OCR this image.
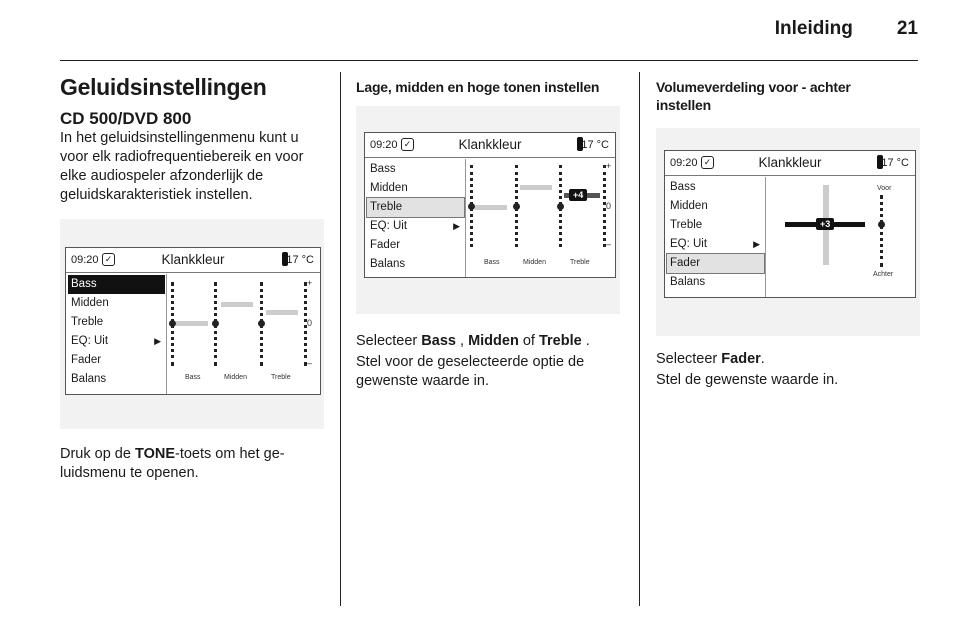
Inleiding 21
Geluidsinstellingen
CD 500/DVD 800

In het geluidsinstellingenmenu kunt u voor elk radiofrequentiebereik en voor elke audiospeler afzonderlijk de geluidskarakteristiek instellen.

09:20 ✓	Klankkleur	17 °C
Bass
Midden
Treble
EQ: Uit	▶
Fader
Balans
+
0
–
Bass	Midden	Treble

Druk op de TONE-toets om het ge-luidsmenu te openen.

Lage, midden en hoge tonen instellen
09:20 ✓	Klankkleur	17 °C
Bass
Midden
Treble
EQ: Uit	▶
Fader
Balans
+4
+
0
–
Bass	Midden	Treble

Selecteer Bass , Midden of Treble .

Stel voor de geselecteerde optie de gewenste waarde in.

Volumeverdeling voor - achter instellen
09:20 ✓	Klankkleur	17 °C
Bass
Midden
Treble
EQ: Uit	▶
Fader
Balans
+3
Voor
Achter

Selecteer Fader.

Stel de gewenste waarde in.
